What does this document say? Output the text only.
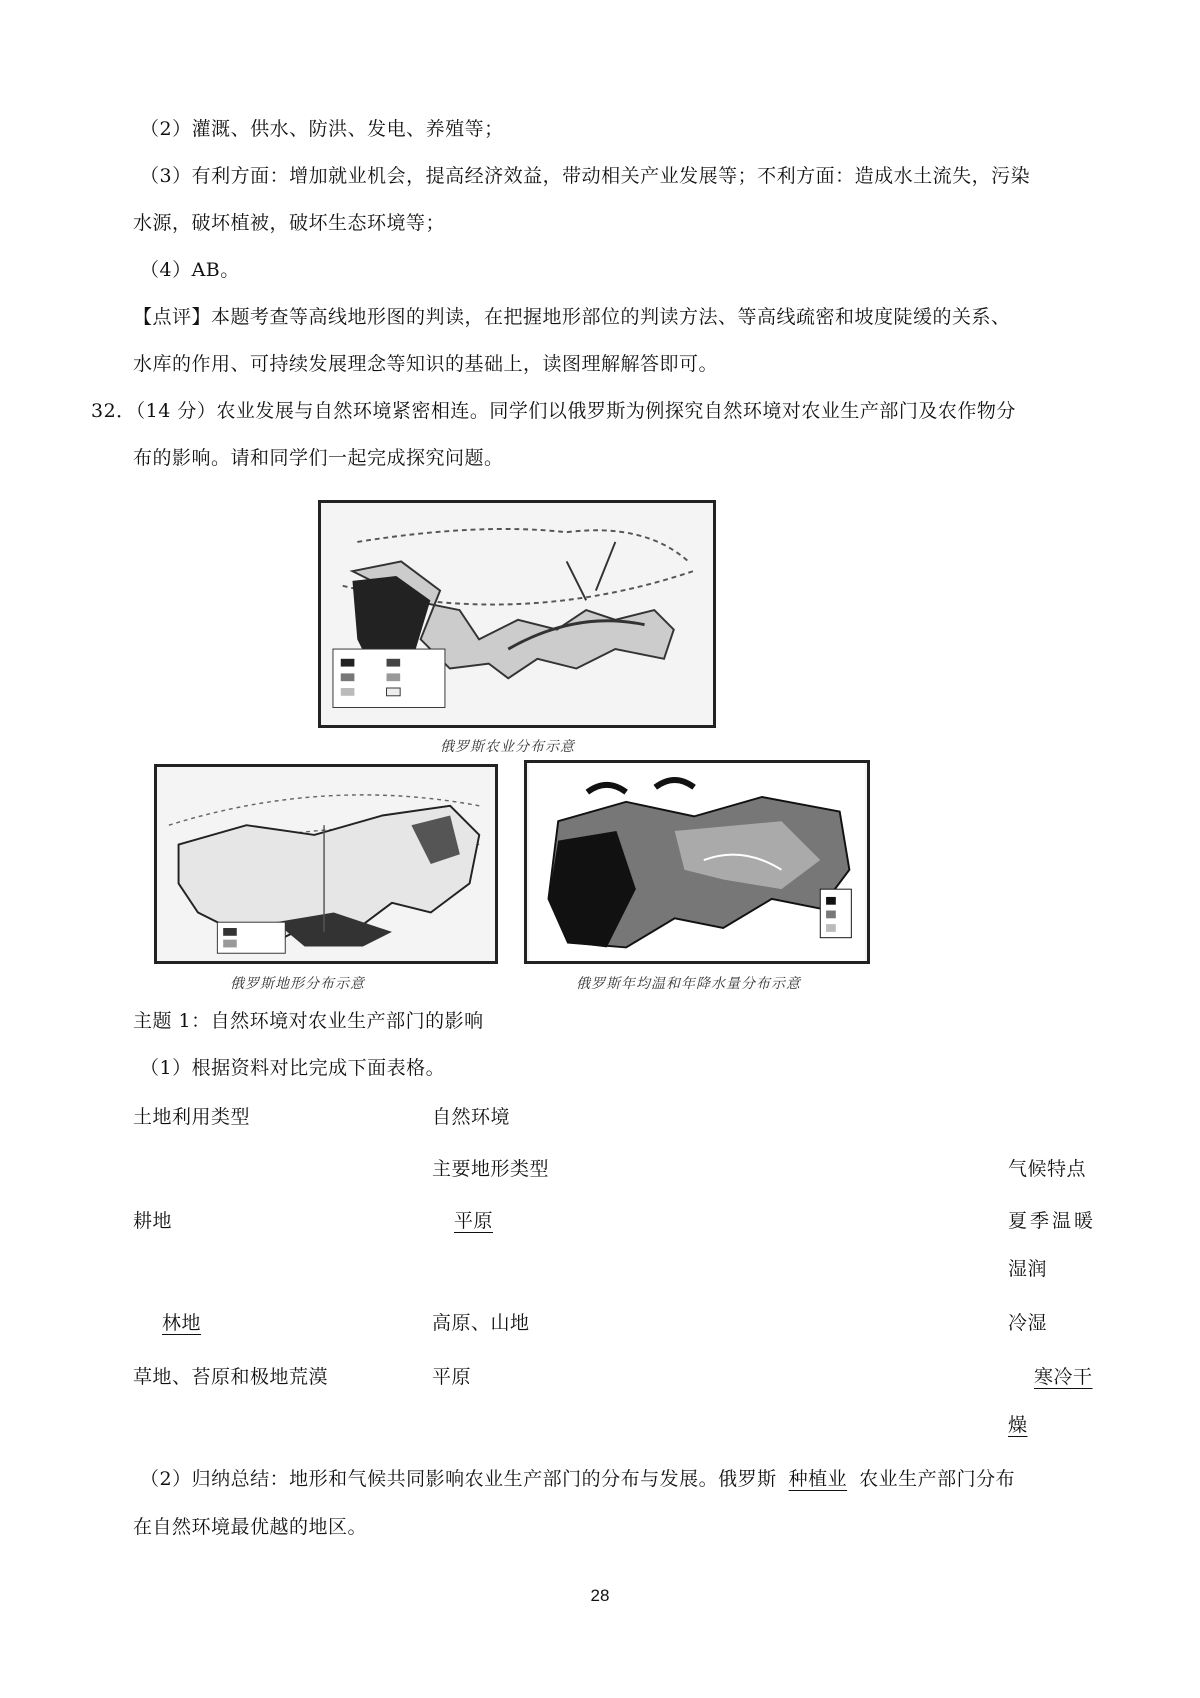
（2）灌溉、供水、防洪、发电、养殖等；
（3）有利方面：增加就业机会，提高经济效益，带动相关产业发展等；不利方面：造成水土流失，污染
水源，破坏植被，破坏生态环境等；
（4）AB。
【点评】本题考查等高线地形图的判读，在把握地形部位的判读方法、等高线疏密和坡度陡缓的关系、
水库的作用、可持续发展理念等知识的基础上，读图理解解答即可。
32．（14 分）农业发展与自然环境紧密相连。同学们以俄罗斯为例探究自然环境对农业生产部门及农作物分
布的影响。请和同学们一起完成探究问题。
俄罗斯农业分布示意
俄罗斯地形分布示意	俄罗斯年均温和年降水量分布示意
主题 1：自然环境对农业生产部门的影响
（1）根据资料对比完成下面表格。
土地利用类型	自然环境
主要地形类型	气候特点
耕地	平原	夏季温暖
湿润
林地	高原、山地	冷湿
草地、苔原和极地荒漠	平原	寒冷干
燥
（2）归纳总结：地形和气候共同影响农业生产部门的分布与发展。俄罗斯 种植业 农业生产部门分布
在自然环境最优越的地区。
28
